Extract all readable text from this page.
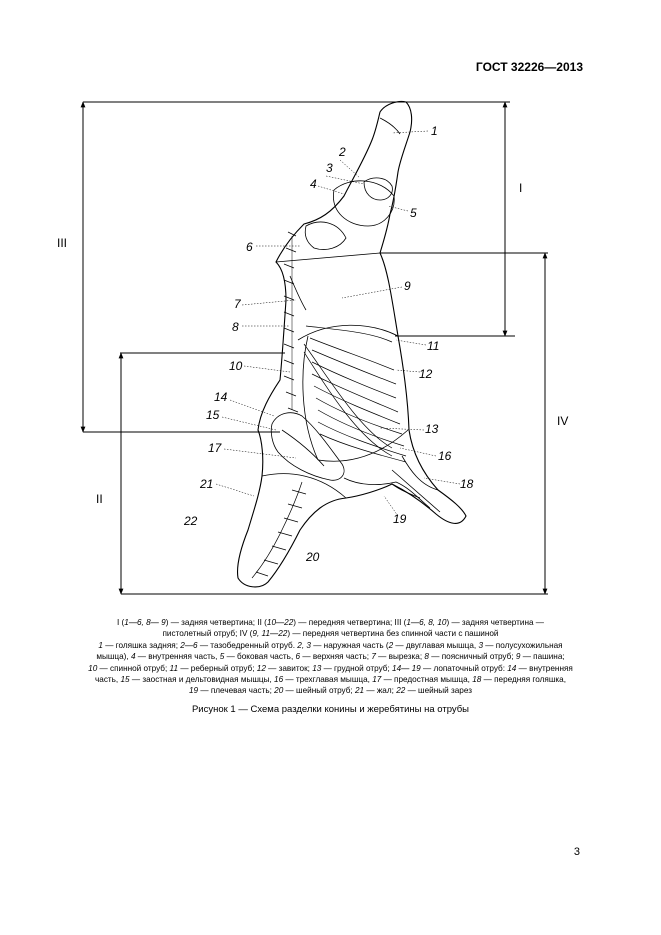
ГОСТ 32226—2013
I
III
IV
II
1
2
3
4
5
6
7
8
9
10
11
12
13
14
15
16
17
18
19
20
21
22
I (1—6, 8— 9) — задняя четвертина; II (10—22) — передняя четвертина; III (1—6, 8, 10) — задняя четвертина —
пистолетный отруб; IV (9, 11—22) — передняя четвертина без спинной части с пашиной
1 — голяшка задняя; 2—6 — тазобедренный отруб. 2, 3 — наружная часть (2 — двуглавая мышца, 3 — полусухожильная
мышца), 4 — внутренняя часть, 5 — боковая часть, 6 — верхняя часть; 7 — вырезка; 8 — поясничный отруб; 9 — пашина;
10 — спинной отруб; 11 — реберный отруб; 12 — завиток; 13 — грудной отруб; 14— 19 — лопаточный отруб: 14 — внутренняя
часть, 15 — заостная и дельтовидная мышцы, 16 — трехглавая мышца, 17 — предостная мышца, 18 — передняя голяшка,
19 — плечевая часть; 20 — шейный отруб; 21 — жал; 22 — шейный зарез
Рисунок 1 — Схема разделки конины и жеребятины на отрубы
3
